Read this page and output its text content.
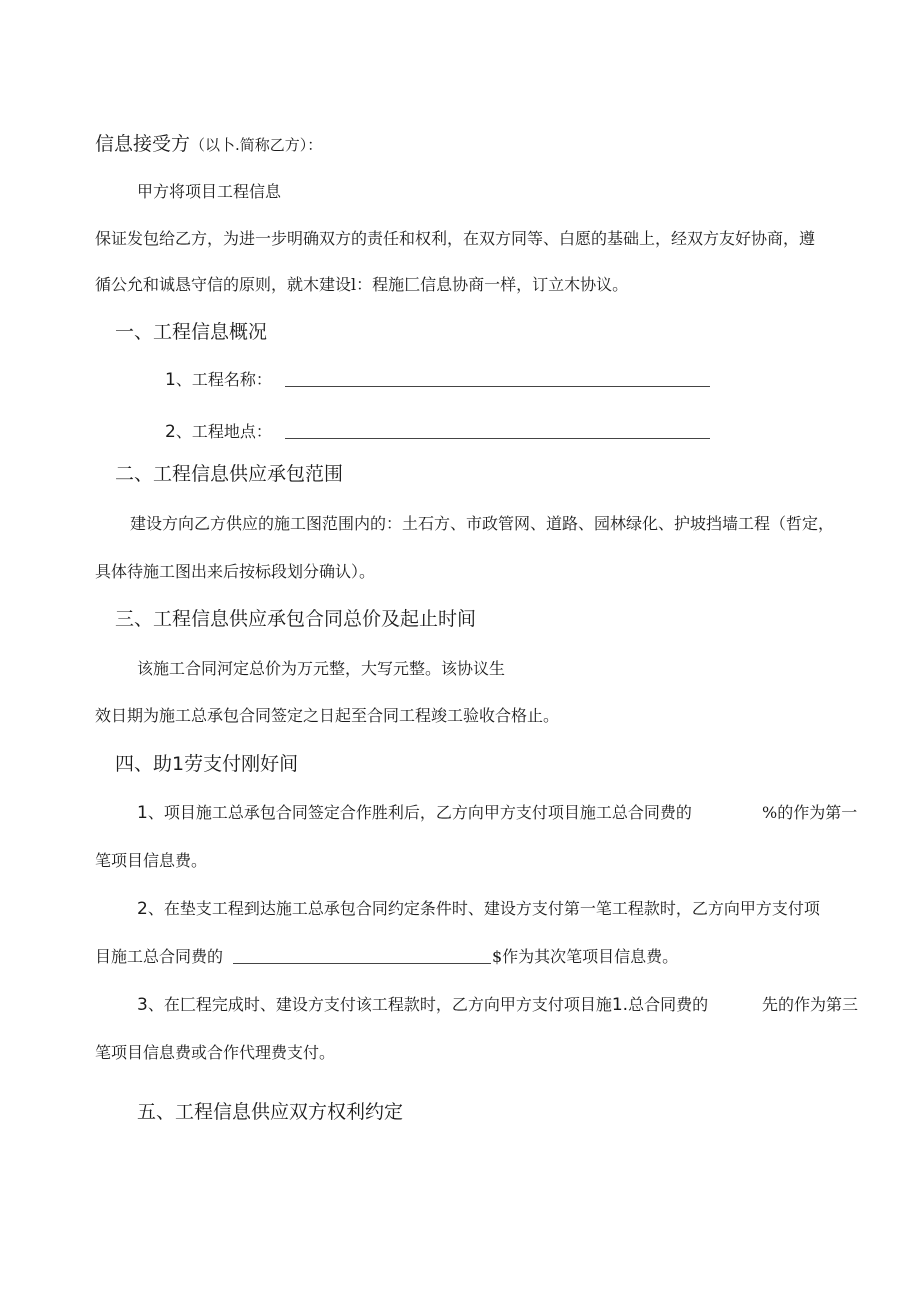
信息接受方（以卜.简称乙方）：
甲方将项目工程信息
保证发包给乙方，为进一步明确双方的责任和权利，在双方同等、白愿的基础上，经双方友好协商，遵
循公允和诚恳守信的原则，就木建设l：程施匚信息协商一样，订立木协议。
一、工程信息概况
1、工程名称：
2、工程地点：
二、工程信息供应承包范围
建设方向乙方供应的施工图范围内的：土石方、市政管网、道路、园林绿化、护坡挡墙工程（哲定，
具体待施工图出来后按标段划分确认）。
三、工程信息供应承包合同总价及起止时间
该施工合同河定总价为万元整，大写元整。该协议生
效日期为施工总承包合同签定之日起至合同工程竣工验收合格止。
四、助1劳支付刚好间
1、项目施工总承包合同签定合作胜利后，乙方向甲方支付项目施工总合同费的	%的作为第一
笔项目信息费。
2、在垫支工程到达施工总承包合同约定条件时、建设方支付第一笔工程款时，乙方向甲方支付项
目施工总合同费的	$作为其次笔项目信息费。
3、在匚程完成时、建设方支付该工程款时，乙方向甲方支付项目施1.总合同费的	先的作为第三
笔项目信息费或合作代理费支付。
五、工程信息供应双方权利约定
